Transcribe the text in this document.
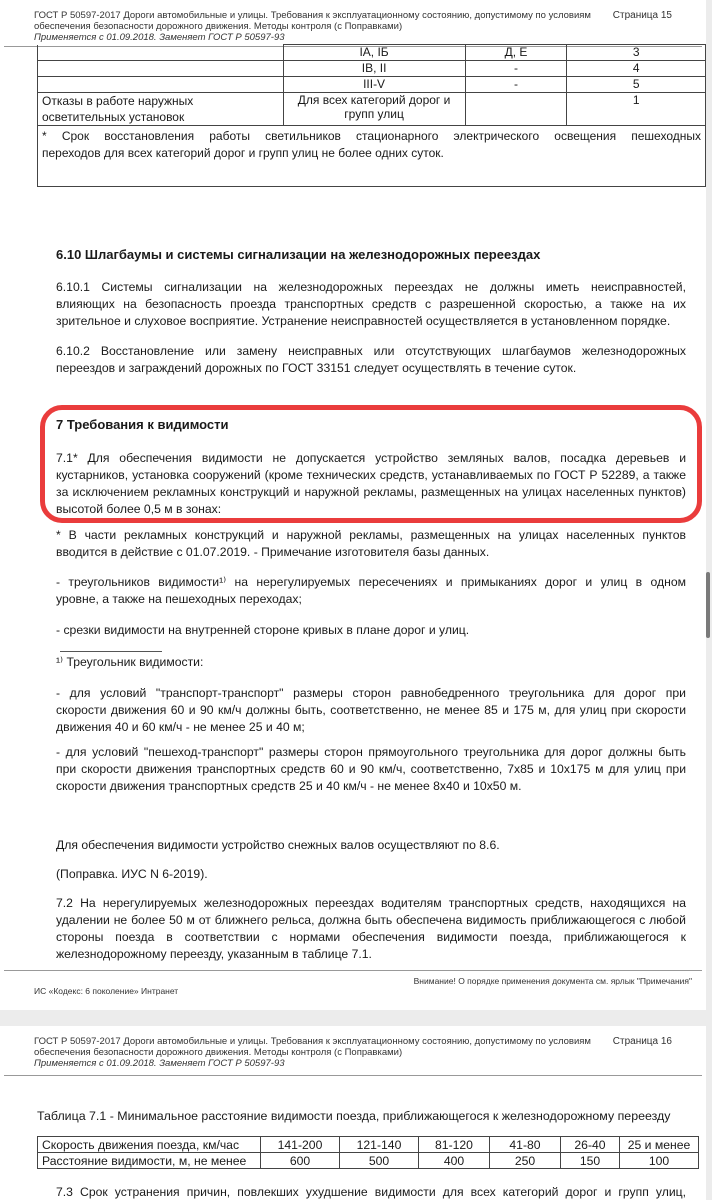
ГОСТ Р 50597-2017 Дороги автомобильные и улицы. Требования к эксплуатационному состоянию, допустимому по условиям обеспечения безопасности дорожного движения. Методы контроля (с Поправками)
Применяется с 01.09.2018. Заменяет ГОСТ Р 50597-93
Страница 15
	IA, IБ	Д, Е	3
	IB, II	-	4
	III-V	-	5
Отказы в работе наружных осветительных установок	Для всех категорий дорог и групп улиц		1

* Срок восстановления работы светильников стационарного электрического освещения пешеходных
переходов для всех категорий дорог и групп улиц не более одних суток.			
6.10 Шлагбаумы и системы сигнализации на железнодорожных переездах
6.10.1 Системы сигнализации на железнодорожных переездах не должны иметь неисправностей,
влияющих на безопасность проезда транспортных средств с разрешенной скоростью, а также на их
зрительное и слуховое восприятие. Устранение неисправностей осуществляется в установленном порядке.
6.10.2 Восстановление или замену неисправных или отсутствующих шлагбаумов железнодорожных
переездов и заграждений дорожных по ГОСТ 33151 следует осуществлять в течение суток.
7 Требования к видимости
7.1* Для обеспечения видимости не допускается устройство земляных валов, посадка деревьев и
кустарников, установка сооружений (кроме технических средств, устанавливаемых по ГОСТ Р 52289, а также
за исключением рекламных конструкций и наружной рекламы, размещенных на улицах населенных пунктов)
высотой более 0,5 м в зонах:
* В части рекламных конструкций и наружной рекламы, размещенных на улицах населенных пунктов
вводится в действие с 01.07.2019. - Примечание изготовителя базы данных.
- треугольников видимости¹⁾ на нерегулируемых пересечениях и примыканиях дорог и улиц в одном
уровне, а также на пешеходных переходах;
- срезки видимости на внутренней стороне кривых в плане дорог и улиц.
¹⁾ Треугольник видимости:
- для условий "транспорт-транспорт" размеры сторон равнобедренного треугольника для дорог при
скорости движения 60 и 90 км/ч должны быть, соответственно, не менее 85 и 175 м, для улиц при скорости
движения 40 и 60 км/ч - не менее 25 и 40 м;
- для условий "пешеход-транспорт" размеры сторон прямоугольного треугольника для дорог должны быть
при скорости движения транспортных средств 60 и 90 км/ч, соответственно, 7x85 и 10x175 м для улиц при
скорости движения транспортных средств 25 и 40 км/ч - не менее 8x40 и 10x50 м.
Для обеспечения видимости устройство снежных валов осуществляют по 8.6.
(Поправка. ИУС N 6-2019).
7.2 На нерегулируемых железнодорожных переездах водителям транспортных средств, находящихся на
удалении не более 50 м от ближнего рельса, должна быть обеспечена видимость приближающегося с любой
стороны поезда в соответствии с нормами обеспечения видимости поезда, приближающегося к
железнодорожному переезду, указанным в таблице 7.1.
Внимание! О порядке применения документа см. ярлык "Примечания"
ИС «Кодекс: 6 поколение» Интранет
ГОСТ Р 50597-2017 Дороги автомобильные и улицы. Требования к эксплуатационному состоянию, допустимому по условиям обеспечения безопасности дорожного движения. Методы контроля (с Поправками)
Применяется с 01.09.2018. Заменяет ГОСТ Р 50597-93
Страница 16
Таблица 7.1 - Минимальное расстояние видимости поезда, приближающегося к железнодорожному переезду
Скорость движения поезда, км/час	141-200	121-140	81-120	41-80	26-40	25 и менее
Расстояние видимости, м, не менее	600	500	400	250	150	100
7.3 Срок устранения причин, повлекших ухудшение видимости для всех категорий дорог и групп улиц,
